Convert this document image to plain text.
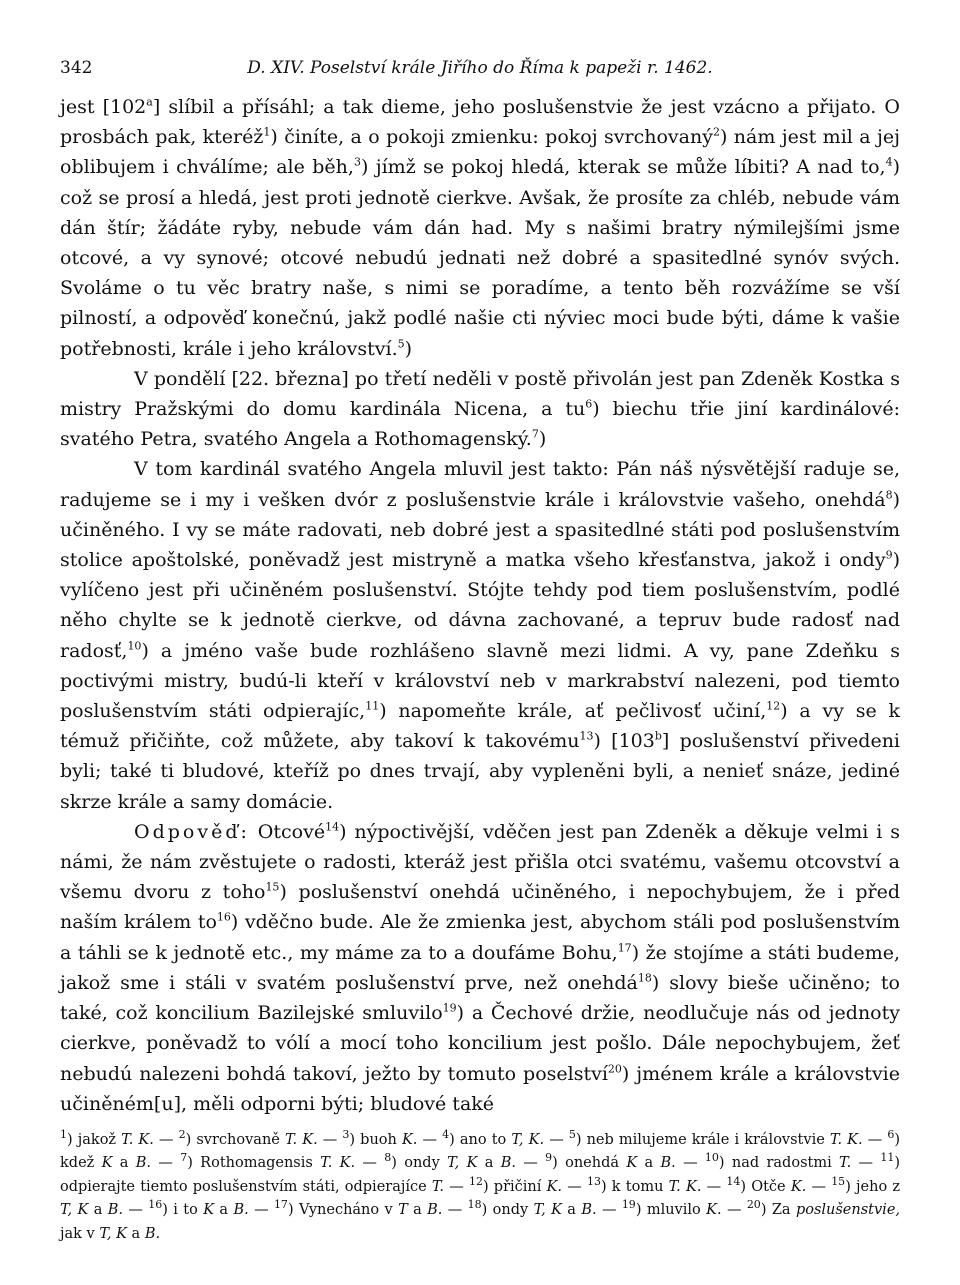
342	D. XIV. Poselství krále Jiřího do Říma k papeži r. 1462.

jest [102$^a$] slíbil a přísáhl; a tak dieme, jeho poslušenstvie že jest vzácno a přijato. O prosbách pak, kteréž$^1$) činíte, a o pokoji zmienku: pokoj svrchovaný$^2$) nám jest mil a jej oblibujem i chválíme; ale běh,$^3$) jímž se pokoj hledá, kterak se může líbiti? A nad to,$^4$) což se prosí a hledá, jest proti jednotě cierkve. Avšak, že prosíte za chléb, nebude vám dán štír; žádáte ryby, nebude vám dán had. My s našimi bratry nýmilejšími jsme otcové, a vy synové; otcové nebudú jednati než dobré a spasitedlné synóv svých. Svoláme o tu věc bratry naše, s nimi se poradíme, a tento běh rozvážíme se vší pilností, a odpověď konečnú, jakž podlé našie cti nýviec moci bude býti, dáme k vašie potřebnosti, krále i jeho království.$^5$)

V pondělí [22. března] po třetí neděli v postě přivolán jest pan Zdeněk Kostka s mistry Pražskými do domu kardinála Nicena, a $tu^6$) biechu třie jiní kardinálové: svatého Petra, svatého Angela a Rothomagenský.$^7$)

V tom kardinál svatého Angela mluvil jest takto: Pán náš nýsvětější raduje se, radujeme se i my i vešken dvór z poslušenstvie krále i královstvie vašeho, onehdá$^8$) učiněného. I vy se máte radovati, neb dobré jest a spasitedlné státi pod poslušenstvím stolice apoštolské, poněvadž jest mistryně a matka všeho křesťanstva, jakož i ondy$^9$) vylíčeno jest při učiněném poslušenství. Stójte tehdy pod tiem poslušenstvím, podlé něho chylte se k jednotě cierkve, od dávna zachované, a tepruv bude radosť nad radosť,$^{10}$) a jméno vaše bude rozhlášeno slavně mezi lidmi. A vy, pane Zdeňku s poctivými mistry, budú-li kteří v království neb v markrabství nalezeni, pod tiemto poslušenstvím státi odpierajíc,$^{11}$) napomeňte krále, ať pečlivosť učiní,$^{12}$) a vy se k témuž přičiňte, což můžete, aby takoví k takovému$^{13}$) [103$^b$] poslušenství přivedeni byli; také ti bludové, kteříž po dnes trvají, aby vypleněni byli, a nenieť snáze, jediné skrze krále a samy domácie.

Odpověď: Otcové$^{14}$) nýpoctivější, vděčen jest pan Zdeněk a děkuje velmi i s námi, že nám zvěstujete o radosti, kteráž jest přišla otci svatému, vašemu otcovství a všemu dvoru z toho$^{15}$) poslušenství onehdá učiněného, i nepochybujem, že i před naším králem $to^{16}$) vděčno bude. Ale že zmienka jest, abychom stáli pod poslušenstvím a táhli se k jednotě etc., my máme za to a doufáme Bohu,$^{17}$) že stojíme a státi budeme, jakož sme i stáli v svatém poslušenství prve, než onehdá$^{18}$) slovy bieše učiněno; to také, což koncilium Bazilejské smluvilo$^{19}$) a Čechové držie, neodlučuje nás od jednoty cierkve, poněvadž to vólí a mocí toho koncilium jest pošlo. Dále nepochybujem, žeť nebudú nalezeni bohdá takoví, ježto by tomuto poselství$^{20}$) jménem krále a královstvie učiněném[u], měli odporni býti; bludové také

$^1$) jakož T. K. — $^2$) svrchovaně T. K. — $^3$) buoh K. — $^4$) ano to T, K. — $^5$) neb milujeme krále i královstvie T. K. — $^6$) kdež K a B. — $^7$) Rothomagensis T. K. — $^8$) ondy T, K a B. — $^9$) onehdá K a B. — $^{10}$) nad radostmi T. — $^{11}$) odpierajte tiemto poslušenstvím státi, odpierajíce T. — $^{12}$) přičiní K. — $^{13}$) k tomu T. K. — $^{14}$) Otče K. — $^{15}$) jeho z T, K a B. — $^{16}$) i to K a B. — $^{17}$) Vynecháno v T a B. — $^{18}$) ondy T, K a B. — $^{19}$) mluvilo K. — $^{20}$) Za poslušenstvie, jak v T, K a B.
